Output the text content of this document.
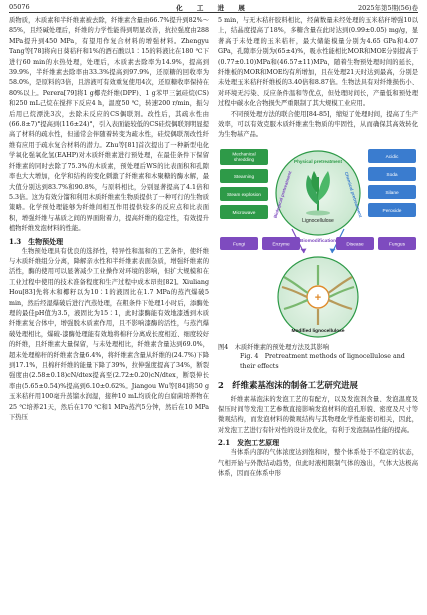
05076	化 工 进 展	2025年第5期(56)卷

质物质，木质素和半纤维素被去除，纤维素含量由66.7%提升到82%～85%，且经碱处理后，纤维的力学性能得到明显改善，抗拉强度由288 MPa提升到450 MPa，有望用作复合材料的增强材料。Zhengyu Tang等[78]将向日葵秸秆和1%的酒石酸以1∶15的料液比在180 ℃下进行60 min的水热处理，处理后，木质素去除率为14.9%，提高到39.9%，半纤维素去除率由33.3%提高到97.9%，还原糖的回收率为58.0%，是原料的3倍，且溶液可有效重复使用4次，还原糖收率保持在80%以上。Perera[79]将1 g椰壳纤维(DPF)、1 g苯甲三氯硅烷(CS)和250 mL己烷在搅拌下反应4 h，温度50 ℃，转速200 r/min，振匀后用已烷漂洗3次，去除未反应的CS偶联剂。改性后，其疏水性由(66.8±7)°提高到(116±24)°，引入表面能较低的CS硅烷偶联剂明显提高了材料的疏水性，但通常会伴随着转变为疏水性，硅烷偶联剂改性纤维有应用于疏水复合材料的潜力。Zhu等[81]首次提出了一种新型电化学氧化强氧化氢(EAHP)对木质纤维素进行预处理，在最佳条件下保留纤维素的同时去除了75.3%的木质素，预处理后WS的比表面积和孔隙率也大大增加，化学和结构的变化刺激了纤维素和木聚糖的酶水解，最大值分别达到83.7%和90.8%，与原料相比，分别显著提高了4.1倍和5.3倍。这为有效分馏和利用木质纤维素生物质提供了一种可行的生物质策略。化学预处理能够为纤维间相互作用提供较多的反应点和比表面积，增强纤维与基质之间的界面附着力，提高纤维的稳定性，有效提升植物纤维发泡材料的性能。

1.3　生物预处理

生物预处理具有优良的选择性，特异性和温和的工艺条件，使纤维与木质纤维组分分离，降解亲水性和半纤维素表面杂质，增强纤维素的活性，酶的使用可以显著减少工业操作对环境的影响，但扩大规模和在工业过程中使用的技术准备程度和生产过程中成本昂贵[82]。Xiuliang Hou[83]先将木和椰籽以为10∶1的液固比在1.7 MPa的蒸汽爆破5 min，然后经湿爆破后进行汽蒸处理，在粗条件下处理1小时后，添酶处理的最佳pH值为3.5，液固比为15∶1，此时漆酶能有效地漆透到木质纤维素复合体中，增强脱木质素作用，且不影响漆酶的活性，与蒸汽爆破处理相比，爆破-漆酶处理能有效地将棉秆分离成长度相近、细度较好的纤维，且纤维素大量保留，与未处理相比，纤维素含量达到69.0%，超未处理棉秆的纤维素含量6.4%，将纤维素含量从纤维的(24.7%)下降到17.1%，且棉秆纤维的能量下降了39%，拉伸强度提高了34%，断裂强度由(2.58±0.18)cN/dtex提高至(2.72±0.20)cN/dtex，断裂伸长率由(5.65±0.54)%提高到6.10±0.62%。Jiangou Wu等[84]将50 g玉米秸秆用100毫升蒸馏水润湿，接种10 mL均质化的白腐菌培养物在25 ℃培养21天，然后在170 ℃和1 MPa蒸汽5分钟，然后在10 MPa下热压

5 min，与无木秸秆胶料相比，经菌数量未经处理的玉米秸秆增强10以上，结晶度提高了18%，多糖含量在此时达到(0.99±0.05) mg/g，显著高于未处理的玉米秸秆，最大储能模量分别为4.65 GPa和4.07 GPa，孔隙率分别为(65±4)%，吸水性能相比MOR和MOE分别提高于(0.77±0.10)MPa和(46.57±11)MPa，随着生物预处理时间的延长，纤维板的MOR和MOE均有所增加，且在处理21天时达到最高，分别是未处理玉米秸秆纤维板的3.40倍和8.87倍。生物法具有对纤维损伤小、对环境无污染、反应条件温和等优点，但处理时间长，产量低和预处理过程中碳水化合物损失严重限制了其大规模工业应用。

不同预处理方法的联合使用[84-85]，缩短了处理时间，提高了生产效率，可以有效克服木质纤维素生物质的牢固性，从而确保其高效转化为生物基产品。

Mechanical
shredding
Steaming
Steam explosion
Microwave
Acidic
Soda
Silane
Peroxide
Physical pretreatment
Biological pretreatment	Chemical pretreatment
Lignocellulose
Biomodification
Fungi	Enzyme	Disease	Fungus
+
Modified lignocellulose

图4　木质纤维素的预处理方法及其影响
Fig. 4　Pretreatment methods of lignocellulose and
their effects

2　纤维素基泡沫的制备工艺研究进展

纤维素基泡沫的发泡工艺的有配方，以及发泡剂含量、发泡温度及保压时间等发泡工艺参数直接影响发泡材料的泡孔形貌、密度及尺寸等微观结构，而发泡材料的微观结构与其物理化学性能密切相关，因此，对发泡工艺进行有针对性的设计及优化，有利于发泡制品性能的提高。

2.1　发泡工艺原理

当体系内部的气体浓度达到饱和时，整个体系处于不稳定的状态，气相开始与外散结动趋势，但此时液相限制气体的逸出，气体大达极高体系，因而在体系中形
